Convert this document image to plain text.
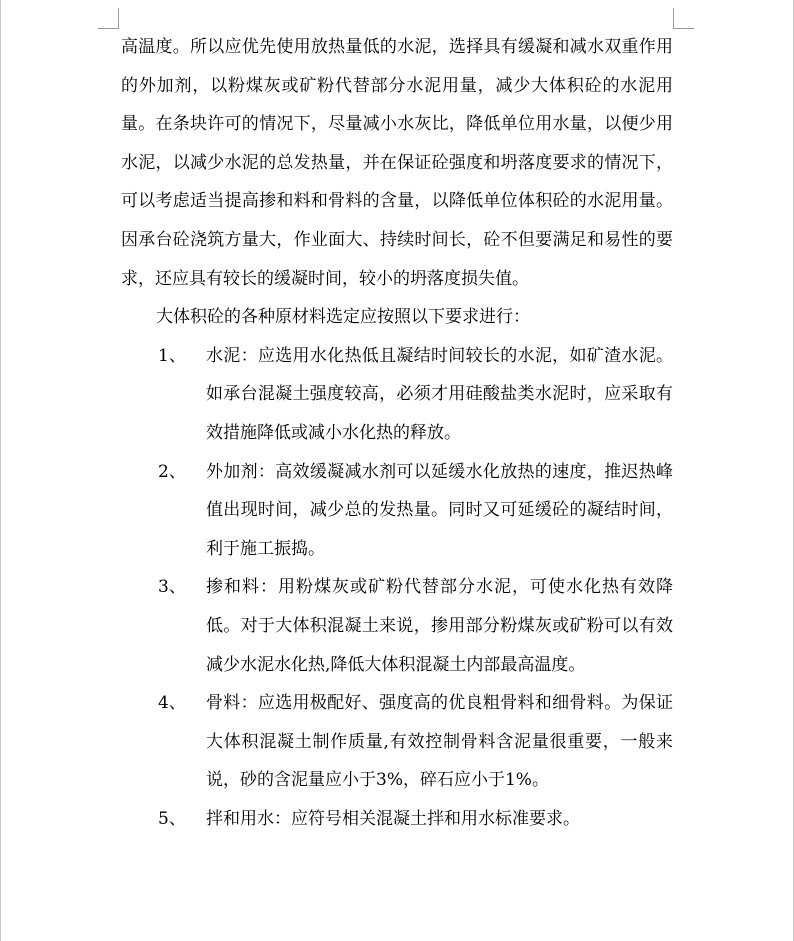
高温度。所以应优先使用放热量低的水泥，选择具有缓凝和减水双重作用的外加剂，以粉煤灰或矿粉代替部分水泥用量，减少大体积砼的水泥用量。在条块许可的情况下，尽量减小水灰比，降低单位用水量，以便少用水泥，以减少水泥的总发热量，并在保证砼强度和坍落度要求的情况下，可以考虑适当提高掺和料和骨料的含量，以降低单位体积砼的水泥用量。因承台砼浇筑方量大，作业面大、持续时间长，砼不但要满足和易性的要求，还应具有较长的缓凝时间，较小的坍落度损失值。

大体积砼的各种原材料选定应按照以下要求进行：

1、 水泥：应选用水化热低且凝结时间较长的水泥，如矿渣水泥。如承台混凝土强度较高，必须才用硅酸盐类水泥时，应采取有效措施降低或减小水化热的释放。
2、 外加剂：高效缓凝减水剂可以延缓水化放热的速度，推迟热峰值出现时间，减少总的发热量。同时又可延缓砼的凝结时间，利于施工振捣。
3、 掺和料：用粉煤灰或矿粉代替部分水泥，可使水化热有效降低。对于大体积混凝土来说，掺用部分粉煤灰或矿粉可以有效减少水泥水化热,降低大体积混凝土内部最高温度。
4、 骨料：应选用极配好、强度高的优良粗骨料和细骨料。为保证大体积混凝土制作质量,有效控制骨料含泥量很重要，一般来说，砂的含泥量应小于3%，碎石应小于1%。
5、 拌和用水：应符号相关混凝土拌和用水标准要求。
